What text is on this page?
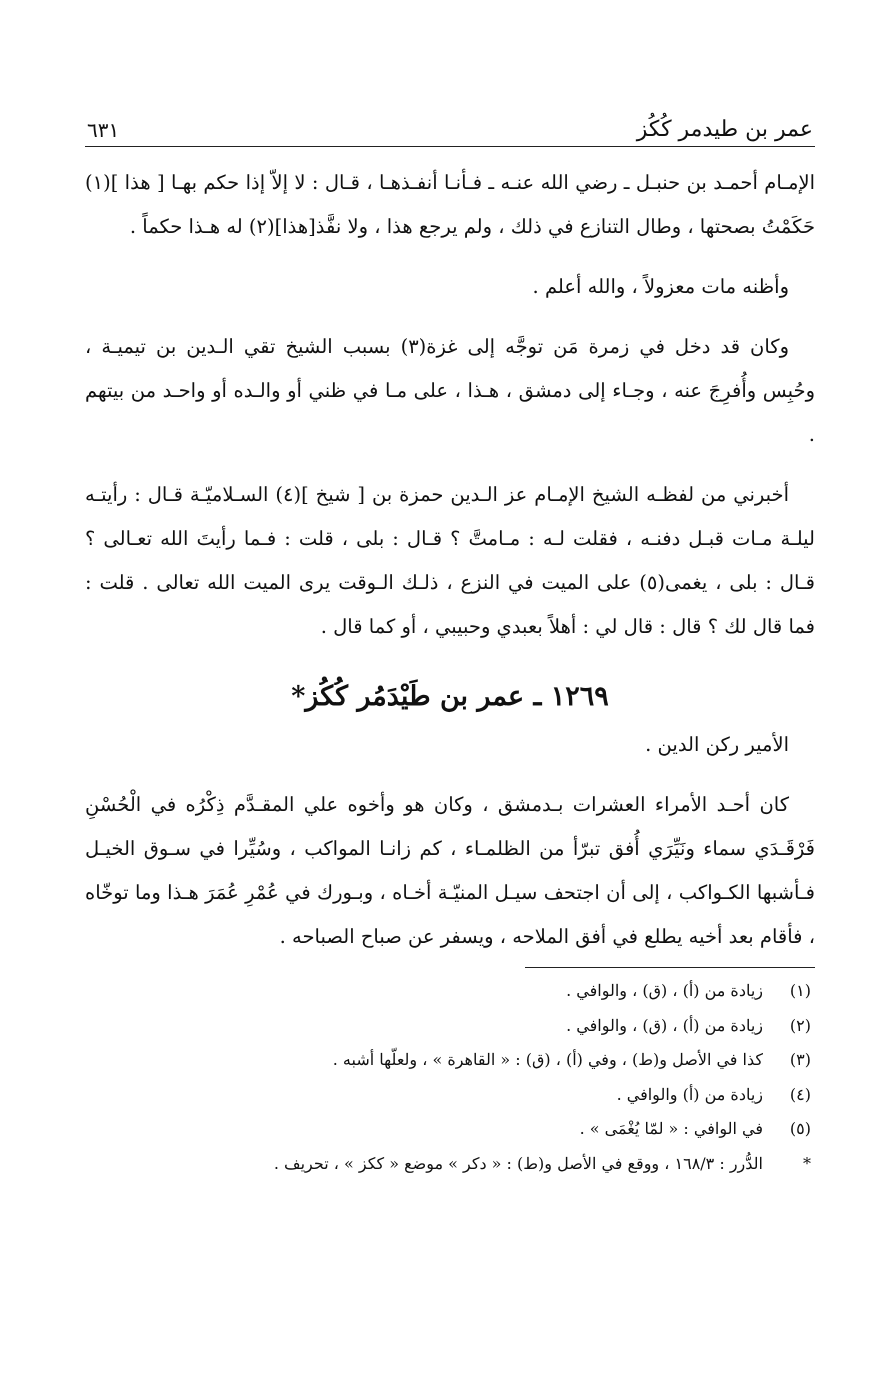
عمر بن طيدمر كُكُز
٦٣١

الإمـام أحمـد بن حنبـل ـ رضي الله عنـه ـ فـأنـا أنفـذهـا ، قـال : لا إلاّ إذا حكم بهـا [ هذا ](١) حَكَمْتُ بصحتها ، وطال التنازع في ذلك ، ولم يرجع هذا ، ولا نفَّذ[هذا](٢) له هـذا حكماً .

وأظنه مات معزولاً ، والله أعلم .

وكان قد دخل في زمرة مَن توجَّه إلى غزة(٣) بسبب الشيخ تقي الـدين بن تيميـة ، وحُبِس وأُفرِجَ عنه ، وجـاء إلى دمشق ، هـذا ، على مـا في ظني أو والـده أو واحـد من بيتهم .

أخبرني من لفظـه الشيخ الإمـام عز الـدين حمزة بن [ شيخ ](٤) السـلاميّـة قـال : رأيتـه ليلـة مـات قبـل دفنـه ، فقلت لـه : مـامتَّ ؟ قـال : بلى ، قلت : فـما رأيتَ الله تعـالى ؟ قـال : بلى ، يغمى(٥) على الميت في النزع ، ذلـك الـوقت يرى الميت الله تعالى . قلت : فما قال لك ؟ قال : قال لي : أهلاً بعبدي وحبيبي ، أو كما قال .

١٢٦٩ ـ عمر بن طَيْدَمُر كُكُز*

الأمير ركن الدين .

كان أحـد الأمراء العشرات بـدمشق ، وكان هو وأخوه علي المقـدَّم ذِكْرُه في الْحُسْنِ فَرْقَـدَي سماء ونَيِّرَي أُفق تبرّأ من الظلمـاء ، كم زانـا المواكب ، وسُيِّرا في سـوق الخيـل فـأشبها الكـواكب ، إلى أن اجتحف سيـل المنيّـة أخـاه ، وبـورك في عُمْرِ عُمَرَ هـذا وما توخّاه ، فأقام بعد أخيه يطلع في أفق الملاحه ، ويسفر عن صباح الصباحه .

(١)
زيادة من (أ) ، (ق) ، والوافي .
(٢)
زيادة من (أ) ، (ق) ، والوافي .
(٣)
كذا في الأصل و(ط) ، وفي (أ) ، (ق) : « القاهرة » ، ولعلّها أشبه .
(٤)
زيادة من (أ) والوافي .
(٥)
في الوافي : « لمّا يُغْمَى » .
*
الدُّرر : ١٦٨/٣ ، ووقع في الأصل و(ط) : « دكر » موضع « ككز » ، تحريف .
